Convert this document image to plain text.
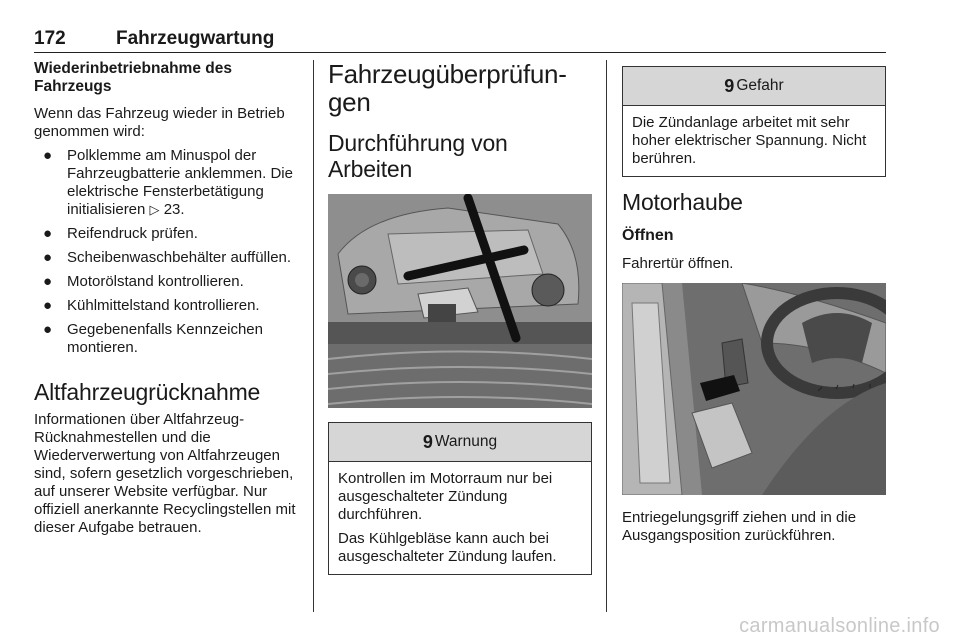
172	Fahrzeugwartung
Wiederinbetriebnahme des
Fahrzeugs

Wenn das Fahrzeug wieder in Betrieb genommen wird:

● Polklemme am Minuspol der Fahrzeugbatterie anklemmen. Die elektrische Fensterbetätigung initialisieren ▷ 23.
● Reifendruck prüfen.
● Scheibenwaschbehälter auffüllen.
● Motorölstand kontrollieren.
● Kühlmittelstand kontrollieren.
● Gegebenenfalls Kennzeichen montieren.
Altfahrzeugrücknahme

Informationen über Altfahrzeug-Rücknahmestellen und die Wiederverwertung von Altfahrzeugen sind, sofern gesetzlich vorgeschrieben, auf unserer Website verfügbar. Nur offiziell anerkannte Recyclingstellen mit dieser Aufgabe betrauen.

Fahrzeugüberprüfun-
gen
Durchführung von Arbeiten
9 Warnung

Kontrollen im Motorraum nur bei ausgeschalteter Zündung durchführen.

Das Kühlgebläse kann auch bei ausgeschalteter Zündung laufen.

9 Gefahr

Die Zündanlage arbeitet mit sehr hoher elektrischer Spannung. Nicht berühren.

Motorhaube
Öffnen

Fahrertür öffnen.

Entriegelungsgriff ziehen und in die Ausgangsposition zurückführen.

carmanualsonline.info
